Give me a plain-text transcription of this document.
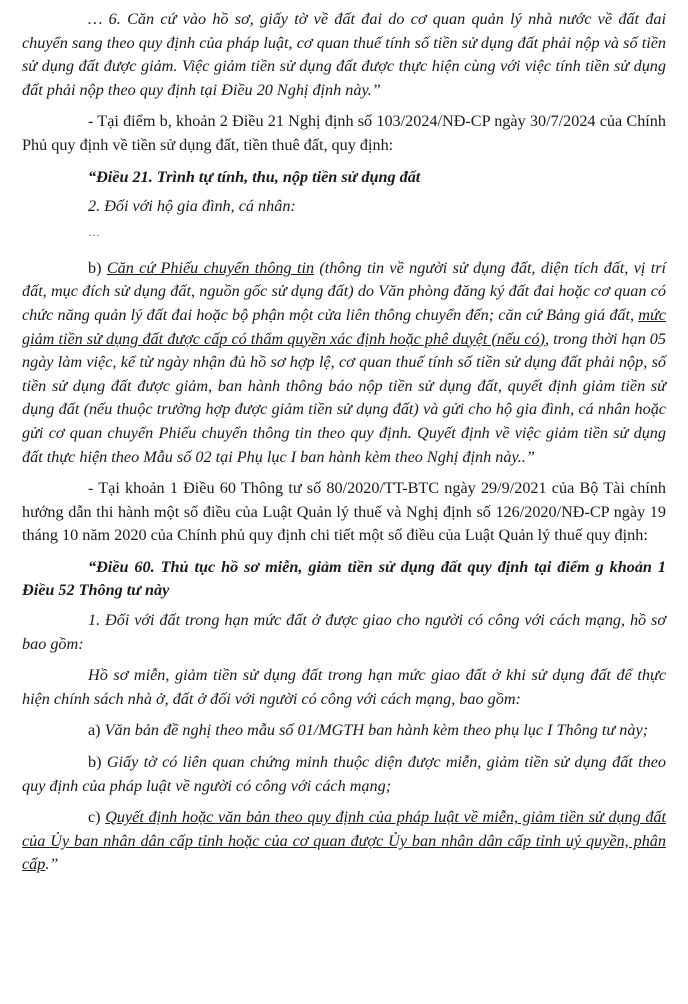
… 6. Căn cứ vào hồ sơ, giấy tờ về đất đai do cơ quan quản lý nhà nước về đất đai chuyển sang theo quy định của pháp luật, cơ quan thuế tính số tiền sử dụng đất phải nộp và số tiền sử dụng đất được giảm. Việc giảm tiền sử dụng đất được thực hiện cùng với việc tính tiền sử dụng đất phải nộp theo quy định tại Điều 20 Nghị định này.”

- Tại điểm b, khoản 2 Điều 21 Nghị định số 103/2024/NĐ-CP ngày 30/7/2024 của Chính Phủ quy định về tiền sử dụng đất, tiền thuê đất, quy định:

“Điều 21. Trình tự tính, thu, nộp tiền sử dụng đất

2. Đối với hộ gia đình, cá nhân:

…

b) Căn cứ Phiếu chuyển thông tin (thông tin về người sử dụng đất, diện tích đất, vị trí đất, mục đích sử dụng đất, nguồn gốc sử dụng đất) do Văn phòng đăng ký đất đai hoặc cơ quan có chức năng quản lý đất đai hoặc bộ phận một cửa liên thông chuyển đến; căn cứ Bảng giá đất, mức giảm tiền sử dụng đất được cấp có thẩm quyền xác định hoặc phê duyệt (nếu có), trong thời hạn 05 ngày làm việc, kể từ ngày nhận đủ hồ sơ hợp lệ, cơ quan thuế tính số tiền sử dụng đất phải nộp, số tiền sử dụng đất được giảm, ban hành thông báo nộp tiền sử dụng đất, quyết định giảm tiền sử dụng đất (nếu thuộc trường hợp được giảm tiền sử dụng đất) và gửi cho hộ gia đình, cá nhân hoặc gửi cơ quan chuyển Phiếu chuyển thông tin theo quy định. Quyết định về việc giảm tiền sử dụng đất thực hiện theo Mẫu số 02 tại Phụ lục I ban hành kèm theo Nghị định này..”

- Tại khoản 1 Điều 60 Thông tư số 80/2020/TT-BTC ngày 29/9/2021 của Bộ Tài chính hướng dẫn thi hành một số điều của Luật Quản lý thuế và Nghị định số 126/2020/NĐ-CP ngày 19 tháng 10 năm 2020 của Chính phủ quy định chi tiết một số điều của Luật Quản lý thuế quy định:

“Điều 60. Thủ tục hồ sơ miễn, giảm tiền sử dụng đất quy định tại điểm g khoản 1 Điều 52 Thông tư này

1. Đối với đất trong hạn mức đất ở được giao cho người có công với cách mạng, hồ sơ bao gồm:

Hồ sơ miễn, giảm tiền sử dụng đất trong hạn mức giao đất ở khi sử dụng đất để thực hiện chính sách nhà ở, đất ở đối với người có công với cách mạng, bao gồm:

a) Văn bản đề nghị theo mẫu số 01/MGTH ban hành kèm theo phụ lục I Thông tư này;

b) Giấy tờ có liên quan chứng minh thuộc diện được miễn, giảm tiền sử dụng đất theo quy định của pháp luật về người có công với cách mạng;

c) Quyết định hoặc văn bản theo quy định của pháp luật về miễn, giảm tiền sử dụng đất của Ủy ban nhân dân cấp tỉnh hoặc của cơ quan được Ủy ban nhân dân cấp tỉnh uỷ quyền, phân cấp.”
